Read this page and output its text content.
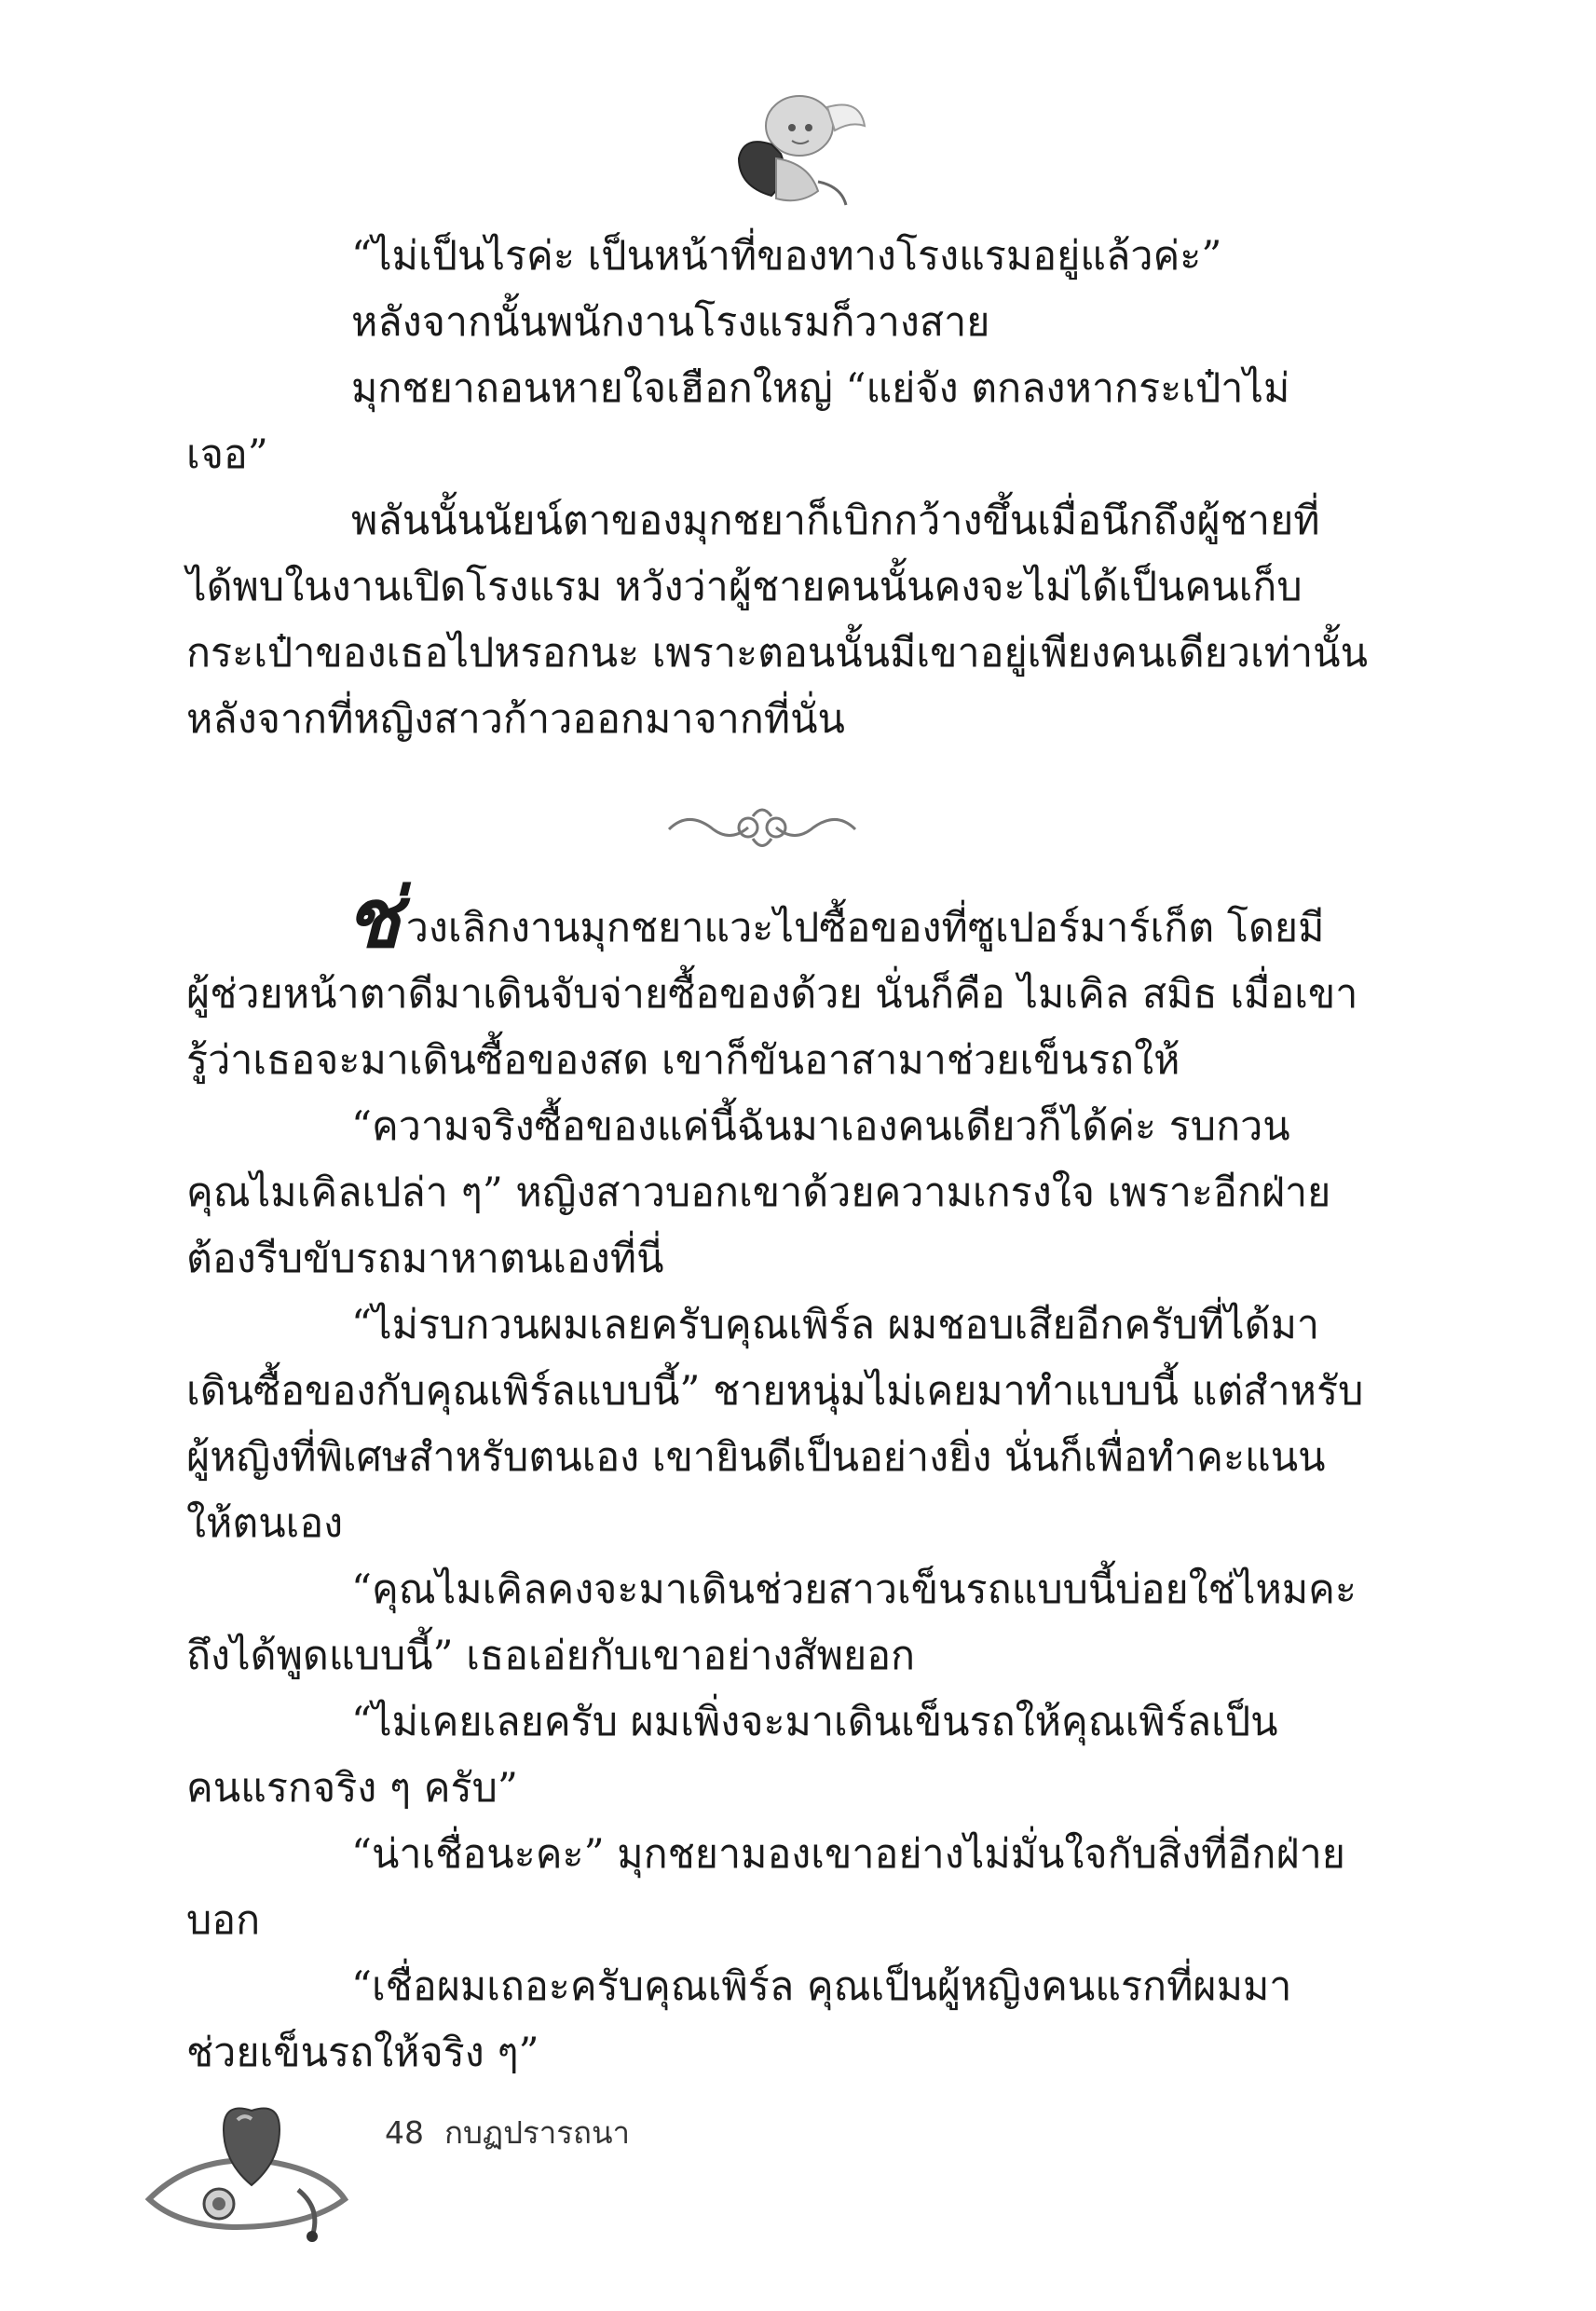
“ไม่เป็นไรค่ะ เป็นหน้าที่ของทางโรงแรมอยู่แล้วค่ะ”

หลังจากนั้นพนักงานโรงแรมก็วางสาย

มุกชยาถอนหายใจเฮือกใหญ่ “แย่จัง ตกลงหากระเป๋าไม่
เจอ”

พลันนั้นนัยน์ตาของมุกชยาก็เบิกกว้างขึ้นเมื่อนึกถึงผู้ชายที่
ได้พบในงานเปิดโรงแรม หวังว่าผู้ชายคนนั้นคงจะไม่ได้เป็นคนเก็บ
กระเป๋าของเธอไปหรอกนะ เพราะตอนนั้นมีเขาอยู่เพียงคนเดียวเท่านั้น
หลังจากที่หญิงสาวก้าวออกมาจากที่นั่น

ช่วงเลิกงานมุกชยาแวะไปซื้อของที่ซูเปอร์มาร์เก็ต โดยมี
ผู้ช่วยหน้าตาดีมาเดินจับจ่ายซื้อของด้วย นั่นก็คือ ไมเคิล สมิธ เมื่อเขา
รู้ว่าเธอจะมาเดินซื้อของสด เขาก็ขันอาสามาช่วยเข็นรถให้

“ความจริงซื้อของแค่นี้ฉันมาเองคนเดียวก็ได้ค่ะ รบกวน
คุณไมเคิลเปล่า ๆ” หญิงสาวบอกเขาด้วยความเกรงใจ เพราะอีกฝ่าย
ต้องรีบขับรถมาหาตนเองที่นี่

“ไม่รบกวนผมเลยครับคุณเพิร์ล ผมชอบเสียอีกครับที่ได้มา
เดินซื้อของกับคุณเพิร์ลแบบนี้” ชายหนุ่มไม่เคยมาทำแบบนี้ แต่สำหรับ
ผู้หญิงที่พิเศษสำหรับตนเอง เขายินดีเป็นอย่างยิ่ง นั่นก็เพื่อทำคะแนน
ให้ตนเอง

“คุณไมเคิลคงจะมาเดินช่วยสาวเข็นรถแบบนี้บ่อยใช่ไหมคะ
ถึงได้พูดแบบนี้” เธอเอ่ยกับเขาอย่างสัพยอก

“ไม่เคยเลยครับ ผมเพิ่งจะมาเดินเข็นรถให้คุณเพิร์ลเป็น
คนแรกจริง ๆ ครับ”

“น่าเชื่อนะคะ” มุกชยามองเขาอย่างไม่มั่นใจกับสิ่งที่อีกฝ่าย
บอก

“เชื่อผมเถอะครับคุณเพิร์ล คุณเป็นผู้หญิงคนแรกที่ผมมา
ช่วยเข็นรถให้จริง ๆ”

48 กบฏปรารถนา
